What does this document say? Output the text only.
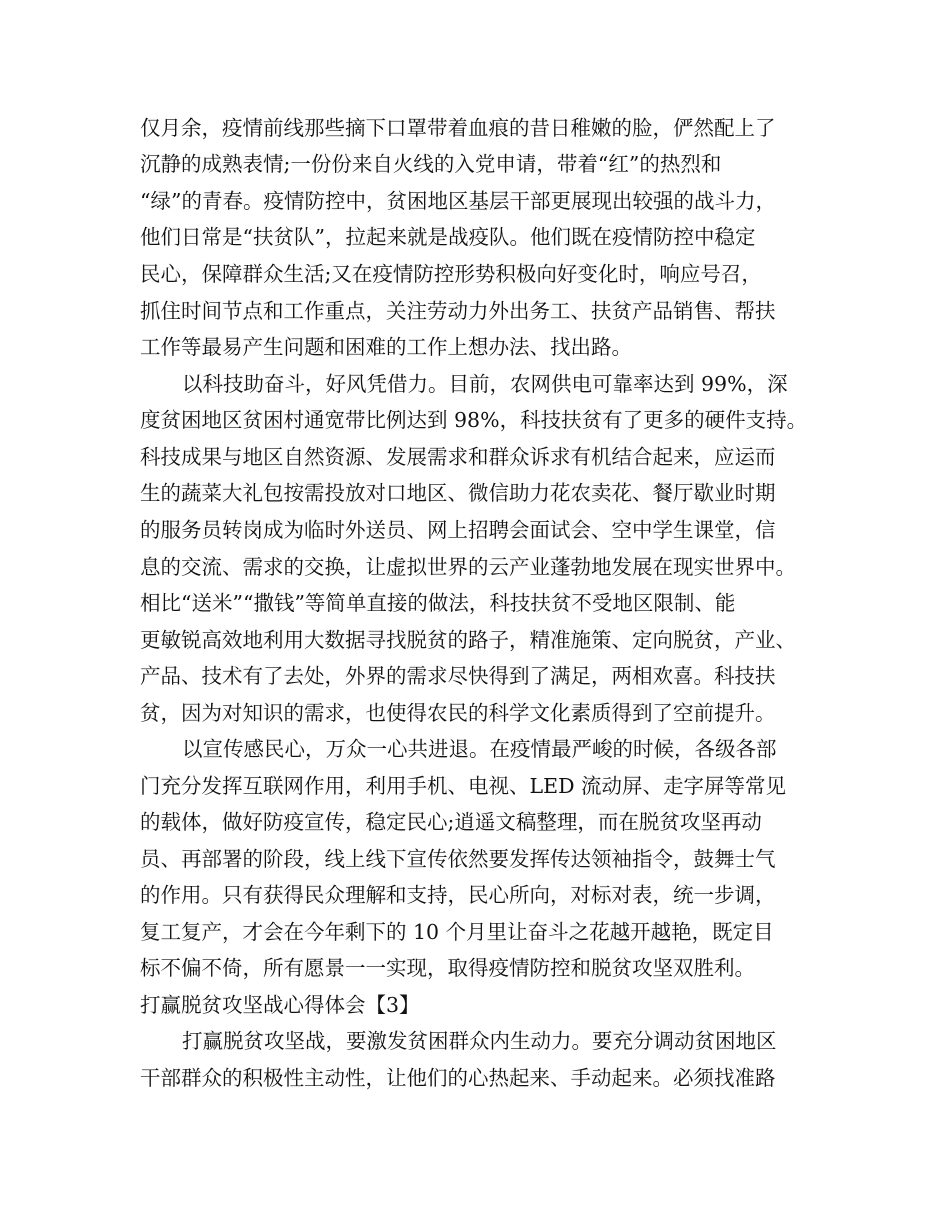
仅月余，疫情前线那些摘下口罩带着血痕的昔日稚嫩的脸，俨然配上了
沉静的成熟表情;一份份来自火线的入党申请，带着“红”的热烈和
“绿”的青春。疫情防控中，贫困地区基层干部更展现出较强的战斗力，
他们日常是“扶贫队”，拉起来就是战疫队。他们既在疫情防控中稳定
民心，保障群众生活;又在疫情防控形势积极向好变化时，响应号召，
抓住时间节点和工作重点，关注劳动力外出务工、扶贫产品销售、帮扶
工作等最易产生问题和困难的工作上想办法、找出路。
以科技助奋斗，好风凭借力。目前，农网供电可靠率达到 99%，深
度贫困地区贫困村通宽带比例达到 98%，科技扶贫有了更多的硬件支持。
科技成果与地区自然资源、发展需求和群众诉求有机结合起来，应运而
生的蔬菜大礼包按需投放对口地区、微信助力花农卖花、餐厅歇业时期
的服务员转岗成为临时外送员、网上招聘会面试会、空中学生课堂，信
息的交流、需求的交换，让虚拟世界的云产业蓬勃地发展在现实世界中。
相比“送米”“撒钱”等简单直接的做法，科技扶贫不受地区限制、能
更敏锐高效地利用大数据寻找脱贫的路子，精准施策、定向脱贫，产业、
产品、技术有了去处，外界的需求尽快得到了满足，两相欢喜。科技扶
贫，因为对知识的需求，也使得农民的科学文化素质得到了空前提升。
以宣传感民心，万众一心共进退。在疫情最严峻的时候，各级各部
门充分发挥互联网作用，利用手机、电视、LED 流动屏、走字屏等常见
的载体，做好防疫宣传，稳定民心;逍遥文稿整理，而在脱贫攻坚再动
员、再部署的阶段，线上线下宣传依然要发挥传达领袖指令，鼓舞士气
的作用。只有获得民众理解和支持，民心所向，对标对表，统一步调，
复工复产，才会在今年剩下的 10 个月里让奋斗之花越开越艳，既定目
标不偏不倚，所有愿景一一实现，取得疫情防控和脱贫攻坚双胜利。
打赢脱贫攻坚战心得体会【3】
打赢脱贫攻坚战，要激发贫困群众内生动力。要充分调动贫困地区
干部群众的积极性主动性，让他们的心热起来、手动起来。必须找准路
